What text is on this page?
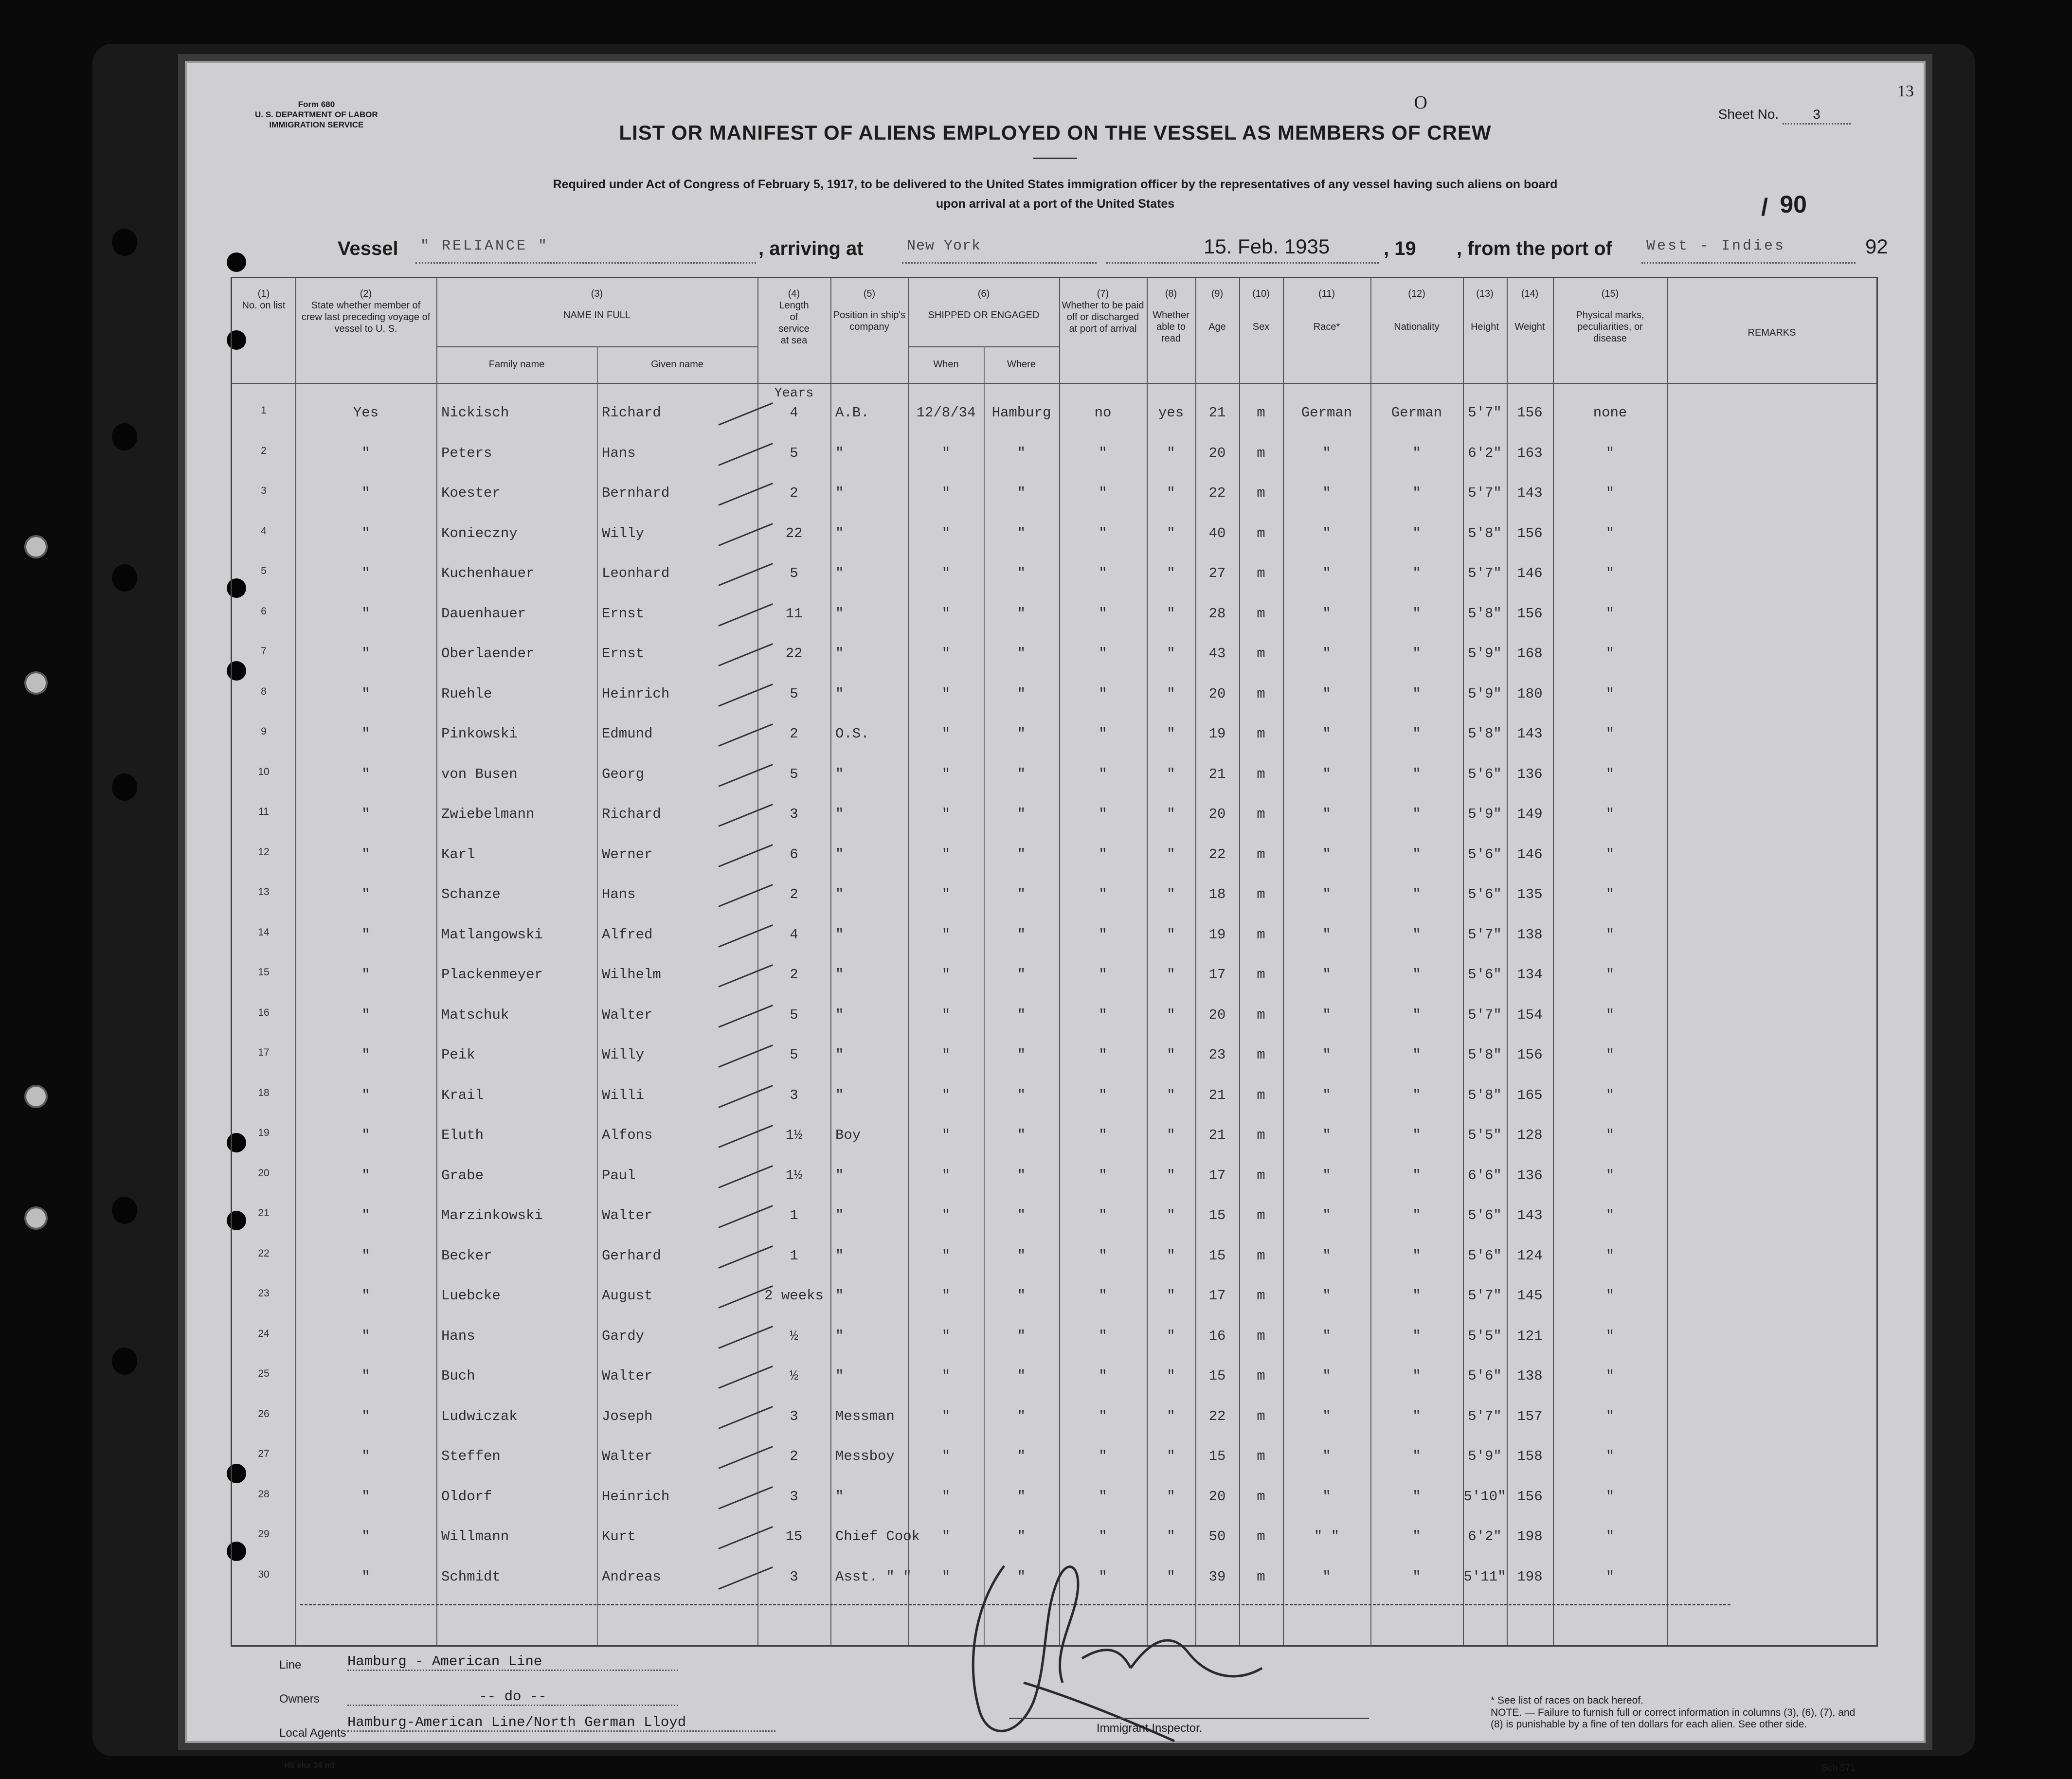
Form 680
U. S. DEPARTMENT OF LABOR
IMMIGRATION SERVICE
O
Sheet No. 3
13
LIST OR MANIFEST OF ALIENS EMPLOYED ON THE VESSEL AS MEMBERS OF CREW
Required under Act of Congress of February 5, 1917, to be delivered to the United States immigration officer by the representatives of any vessel having such aliens on board
upon arrival at a port of the United States	/ 90
Vessel " RELIANCE "	, arriving at	New York	15. Feb. 1935	, 19 , from the port of West - Indies	92
(1)
No. on list
(2)
State whether member of crew last preceding voyage of vessel to U. S.
(3)
NAME IN FULL
Family name	Given name
(4)
Length of service at sea
(5)
Position in ship's company
(6)
SHIPPED OR ENGAGED
When	Where
(7)
Whether to be paid off or discharged at port of arrival
(8)
Whether able to read
(9)
Age
(10)
Sex
(11)
Race*
(12)
Nationality
(13)
Height
(14)
Weight
(15)
Physical marks, peculiarities, or disease
REMARKS
Years
1	Yes	Nickisch	Richard	4	A.B.	12/8/34	Hamburg	no	yes	21	m	German	German	5'7"	156	none
2	"	Peters	Hans	5	"	"	"	"	"	20	m	"	"	6'2"	163	"
3	"	Koester	Bernhard	2	"	"	"	"	"	22	m	"	"	5'7"	143	"
4	"	Konieczny	Willy	22	"	"	"	"	"	40	m	"	"	5'8"	156	"
5	"	Kuchenhauer	Leonhard	5	"	"	"	"	"	27	m	"	"	5'7"	146	"
6	"	Dauenhauer	Ernst	11	"	"	"	"	"	28	m	"	"	5'8"	156	"
7	"	Oberlaender	Ernst	22	"	"	"	"	"	43	m	"	"	5'9"	168	"
8	"	Ruehle	Heinrich	5	"	"	"	"	"	20	m	"	"	5'9"	180	"
9	"	Pinkowski	Edmund	2	O.S.	"	"	"	"	19	m	"	"	5'8"	143	"
10	"	von Busen	Georg	5	"	"	"	"	"	21	m	"	"	5'6"	136	"
11	"	Zwiebelmann	Richard	3	"	"	"	"	"	20	m	"	"	5'9"	149	"
12	"	Karl	Werner	6	"	"	"	"	"	22	m	"	"	5'6"	146	"
13	"	Schanze	Hans	2	"	"	"	"	"	18	m	"	"	5'6"	135	"
14	"	Matlangowski	Alfred	4	"	"	"	"	"	19	m	"	"	5'7"	138	"
15	"	Plackenmeyer	Wilhelm	2	"	"	"	"	"	17	m	"	"	5'6"	134	"
16	"	Matschuk	Walter	5	"	"	"	"	"	20	m	"	"	5'7"	154	"
17	"	Peik	Willy	5	"	"	"	"	"	23	m	"	"	5'8"	156	"
18	"	Krail	Willi	3	"	"	"	"	"	21	m	"	"	5'8"	165	"
19	"	Eluth	Alfons	1½	Boy	"	"	"	"	21	m	"	"	5'5"	128	"
20	"	Grabe	Paul	1½	"	"	"	"	"	17	m	"	"	6'6"	136	"
21	"	Marzinkowski	Walter	1	"	"	"	"	"	15	m	"	"	5'6"	143	"
22	"	Becker	Gerhard	1	"	"	"	"	"	15	m	"	"	5'6"	124	"
23	"	Luebcke	August	2 weeks "	"	"	"	"	17	m	"	"	5'7"	145	"
24	"	Hans	Gardy	½	"	"	"	"	"	16	m	"	"	5'5"	121	"
25	"	Buch	Walter	½	"	"	"	"	"	15	m	"	"	5'6"	138	"
26	"	Ludwiczak	Joseph	3	Messman	"	"	"	"	22	m	"	"	5'7"	157	"
27	"	Steffen	Walter	2	Messboy	"	"	"	"	15	m	"	"	5'9"	158	"
28	"	Oldorf	Heinrich	3	"	"	"	"	"	20	m	"	"	5'10" 156	"
29	"	Willmann	Kurt	15	Chief Cook	"	"	"	"	50	m	" "	"	6'2"	198	"
30	"	Schmidt	Andreas	3	Asst. " "	"	"	"	"	39	m	"	"	5'11" 198	"
Line	Hamburg - American Line
Owners	-- do --
Local Agents
Hamburg-American Line/North German Lloyd
H8 eka 34 nd
Immigrant Inspector.
* See list of races on back hereof.
NOTE. — Failure to furnish full or correct information in columns (3), (6), (7), and (8) is punishable by a fine of ten dollars for each alien. See other side.
Sch 571
